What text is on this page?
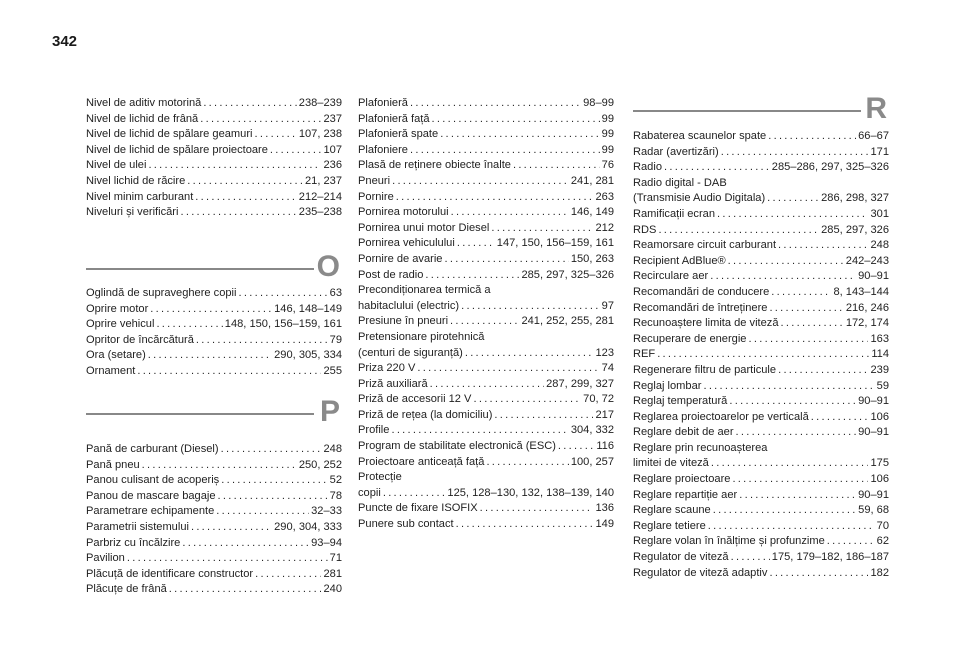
342
Nivel de aditiv motorină . . .	238–239
Nivel de lichid de frână . . .	237
Nivel de lichid de spălare geamuri . . .	107, 238
Nivel de lichid de spălare proiectoare . . .	107
Nivel de ulei . . .	236
Nivel lichid de răcire . . .	21, 237
Nivel minim carburant . . .	212–214
Niveluri și verificări . . .	235–238
O
Oglindă de supraveghere copii . . .	63
Oprire motor . . .	146, 148–149
Oprire vehicul . . .	148, 150, 156–159, 161
Opritor de încărcătură . . .	79
Ora (setare) . . .	290, 305, 334
Ornament . . .	255
P
Pană de carburant (Diesel) . . .	248
Pană pneu . . .	250, 252
Panou culisant de acoperiș . . .	52
Panou de mascare bagaje . . .	78
Parametrare echipamente . . .	32–33
Parametrii sistemului . . .	290, 304, 333
Parbriz cu încălzire . . .	93–94
Pavilion . . .	71
Plăcuță de identificare constructor . . .	281
Plăcuțe de frână . . .	240
Plafonieră . . .	98–99
Plafonieră față . . .	99
Plafonieră spate . . .	99
Plafoniere . . .	99
Plasă de reținere obiecte înalte . . .	76
Pneuri . . .	241, 281
Pornire . . .	263
Pornirea motorului . . .	146, 149
Pornirea unui motor Diesel . . .	212
Pornirea vehiculului . . .	147, 150, 156–159, 161
Pornire de avarie . . .	150, 263
Post de radio . . .	285, 297, 325–326
Precondiționarea termică a
habitaclului (electric) . . .	97
Presiune în pneuri . . .	241, 252, 255, 281
Pretensionare pirotehnică
(centuri de siguranță) . . .	123
Priza 220 V . . .	74
Priză auxiliară . . .	287, 299, 327
Priză de accesorii 12 V . . .	70, 72
Priză de rețea (la domiciliu) . . .	217
Profile . . .	304, 332
Program de stabilitate electronică (ESC) . . .	116
Proiectoare anticeață față . . .	100, 257
Protecție
copii . . .	125, 128–130, 132, 138–139, 140
Puncte de fixare ISOFIX . . .	136
Punere sub contact . . .	149
R
Rabaterea scaunelor spate . . .	66–67
Radar (avertizări) . . .	171
Radio . . .	285–286, 297, 325–326
Radio digital - DAB
(Transmisie Audio Digitala) . . .	286, 298, 327
Ramificații ecran . . .	301
RDS . . .	285, 297, 326
Reamorsare circuit carburant . . .	248
Recipient AdBlue® . . .	242–243
Recirculare aer . . .	90–91
Recomandări de conducere . . .	8, 143–144
Recomandări de întreținere . . .	216, 246
Recunoaștere limita de viteză . . .	172, 174
Recuperare de energie . . .	163
REF . . .	114
Regenerare filtru de particule . . .	239
Reglaj lombar . . .	59
Reglaj temperatură . . .	90–91
Reglarea proiectoarelor pe verticală . . .	106
Reglare debit de aer . . .	90–91
Reglare prin recunoașterea
limitei de viteză . . .	175
Reglare proiectoare . . .	106
Reglare repartiție aer . . .	90–91
Reglare scaune . . .	59, 68
Reglare tetiere . . .	70
Reglare volan în înălțime și profunzime . . .	62
Regulator de viteză . . .	175, 179–182, 186–187
Regulator de viteză adaptiv . . .	182
